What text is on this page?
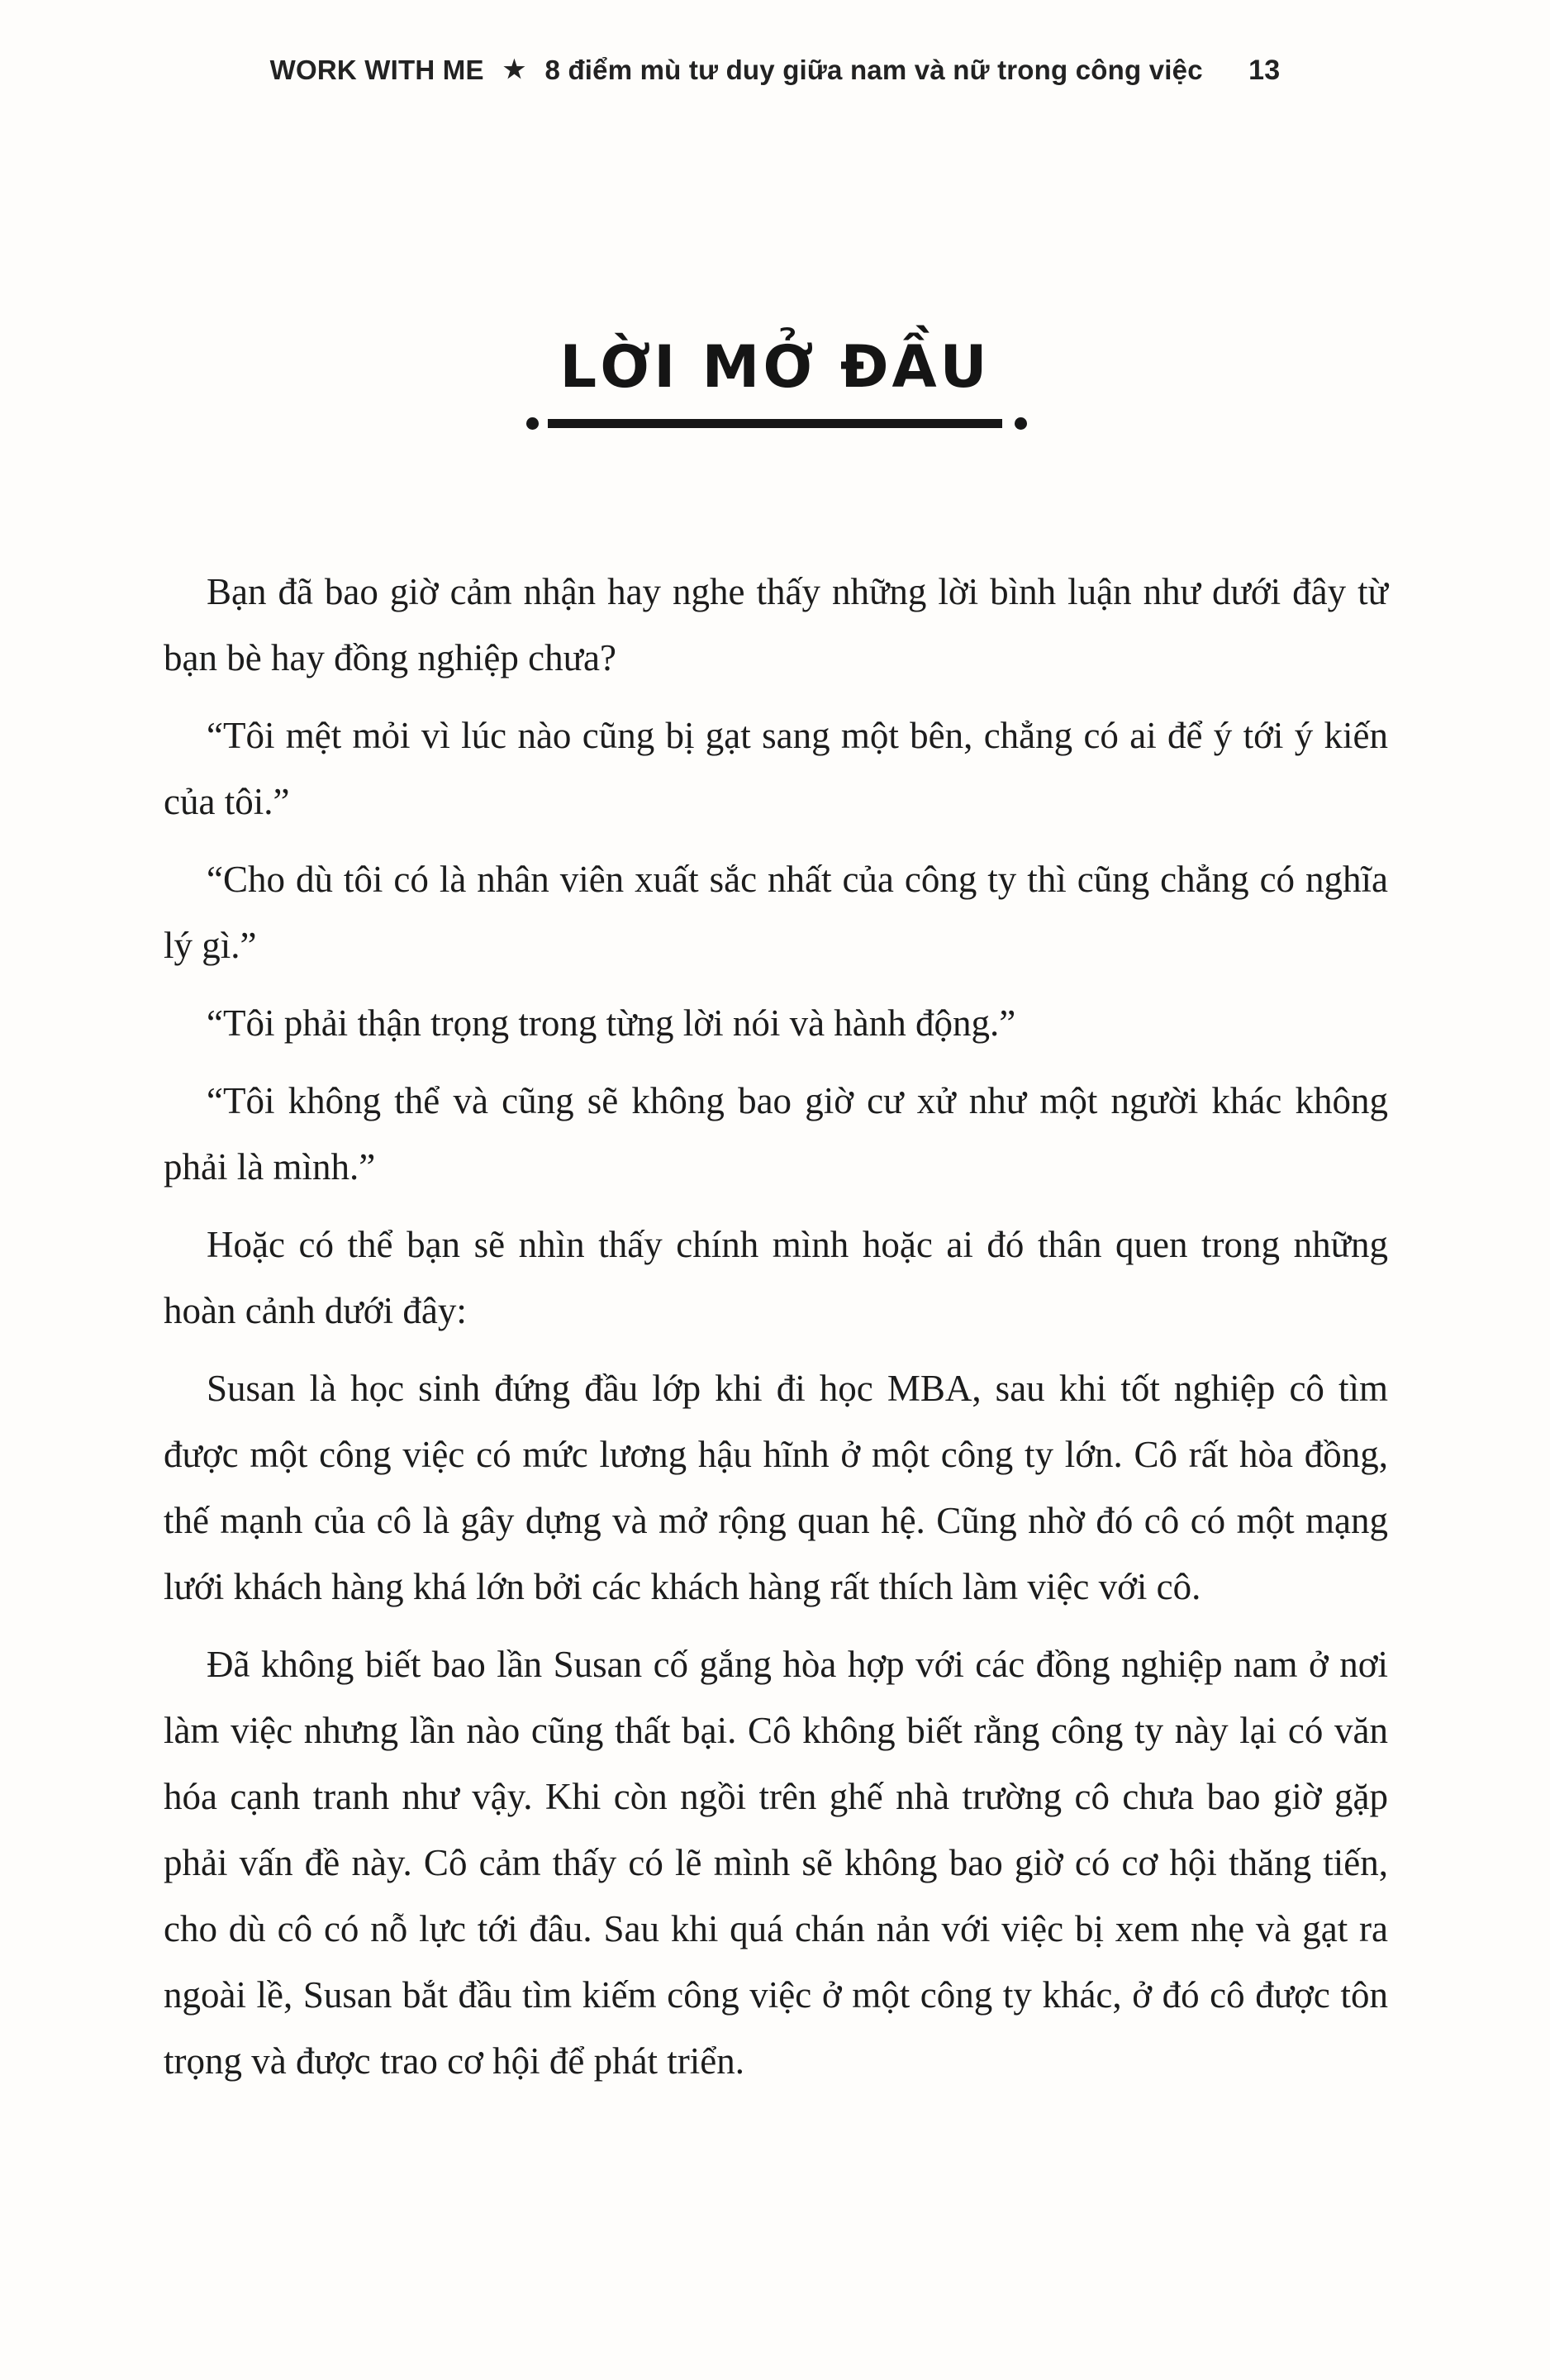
WORK WITH ME ★ 8 điểm mù tư duy giữa nam và nữ trong công việc 13
LỜI MỞ ĐẦU

Bạn đã bao giờ cảm nhận hay nghe thấy những lời bình luận như dưới đây từ bạn bè hay đồng nghiệp chưa?

“Tôi mệt mỏi vì lúc nào cũng bị gạt sang một bên, chẳng có ai để ý tới ý kiến của tôi.”

“Cho dù tôi có là nhân viên xuất sắc nhất của công ty thì cũng chẳng có nghĩa lý gì.”

“Tôi phải thận trọng trong từng lời nói và hành động.”

“Tôi không thể và cũng sẽ không bao giờ cư xử như một người khác không phải là mình.”

Hoặc có thể bạn sẽ nhìn thấy chính mình hoặc ai đó thân quen trong những hoàn cảnh dưới đây:

Susan là học sinh đứng đầu lớp khi đi học MBA, sau khi tốt nghiệp cô tìm được một công việc có mức lương hậu hĩnh ở một công ty lớn. Cô rất hòa đồng, thế mạnh của cô là gây dựng và mở rộng quan hệ. Cũng nhờ đó cô có một mạng lưới khách hàng khá lớn bởi các khách hàng rất thích làm việc với cô.

Đã không biết bao lần Susan cố gắng hòa hợp với các đồng nghiệp nam ở nơi làm việc nhưng lần nào cũng thất bại. Cô không biết rằng công ty này lại có văn hóa cạnh tranh như vậy. Khi còn ngồi trên ghế nhà trường cô chưa bao giờ gặp phải vấn đề này. Cô cảm thấy có lẽ mình sẽ không bao giờ có cơ hội thăng tiến, cho dù cô có nỗ lực tới đâu. Sau khi quá chán nản với việc bị xem nhẹ và gạt ra ngoài lề, Susan bắt đầu tìm kiếm công việc ở một công ty khác, ở đó cô được tôn trọng và được trao cơ hội để phát triển.
